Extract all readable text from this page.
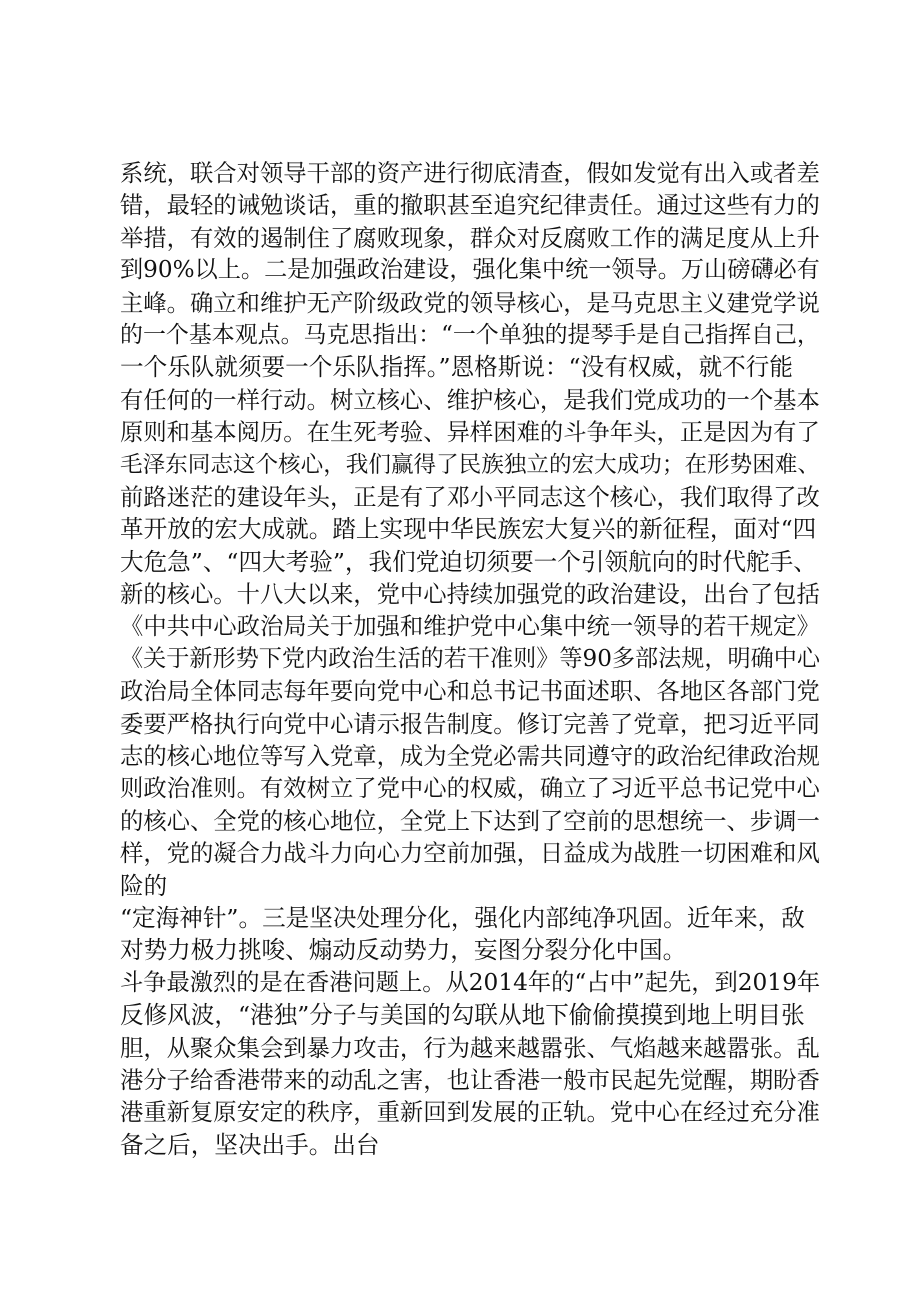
系统，联合对领导干部的资产进行彻底清查，假如发觉有出入或者差
错，最轻的诫勉谈话，重的撤职甚至追究纪律责任。通过这些有力的
举措，有效的遏制住了腐败现象，群众对反腐败工作的满足度从上升
到90%以上。二是加强政治建设，强化集中统一领导。万山磅礴必有
主峰。确立和维护无产阶级政党的领导核心，是马克思主义建党学说
的一个基本观点。马克思指出：“一个单独的提琴手是自己指挥自己，
一个乐队就须要一个乐队指挥。”恩格斯说：“没有权威，就不行能
有任何的一样行动。树立核心、维护核心，是我们党成功的一个基本
原则和基本阅历。在生死考验、异样困难的斗争年头，正是因为有了
毛泽东同志这个核心，我们赢得了民族独立的宏大成功；在形势困难、
前路迷茫的建设年头，正是有了邓小平同志这个核心，我们取得了改
革开放的宏大成就。踏上实现中华民族宏大复兴的新征程，面对“四
大危急”、“四大考验”，我们党迫切须要一个引领航向的时代舵手、
新的核心。十八大以来，党中心持续加强党的政治建设，出台了包括
《中共中心政治局关于加强和维护党中心集中统一领导的若干规定》
《关于新形势下党内政治生活的若干准则》等90多部法规，明确中心
政治局全体同志每年要向党中心和总书记书面述职、各地区各部门党
委要严格执行向党中心请示报告制度。修订完善了党章，把习近平同
志的核心地位等写入党章，成为全党必需共同遵守的政治纪律政治规
则政治准则。有效树立了党中心的权威，确立了习近平总书记党中心
的核心、全党的核心地位，全党上下达到了空前的思想统一、步调一
样，党的凝合力战斗力向心力空前加强，日益成为战胜一切困难和风
险的
“定海神针”。三是坚决处理分化，强化内部纯净巩固。近年来，敌
对势力极力挑唆、煽动反动势力，妄图分裂分化中国。
斗争最激烈的是在香港问题上。从2014年的“占中”起先，到2019年
反修风波，“港独”分子与美国的勾联从地下偷偷摸摸到地上明目张
胆，从聚众集会到暴力攻击，行为越来越嚣张、气焰越来越嚣张。乱
港分子给香港带来的动乱之害，也让香港一般市民起先觉醒，期盼香
港重新复原安定的秩序，重新回到发展的正轨。党中心在经过充分准
备之后，坚决出手。出台
